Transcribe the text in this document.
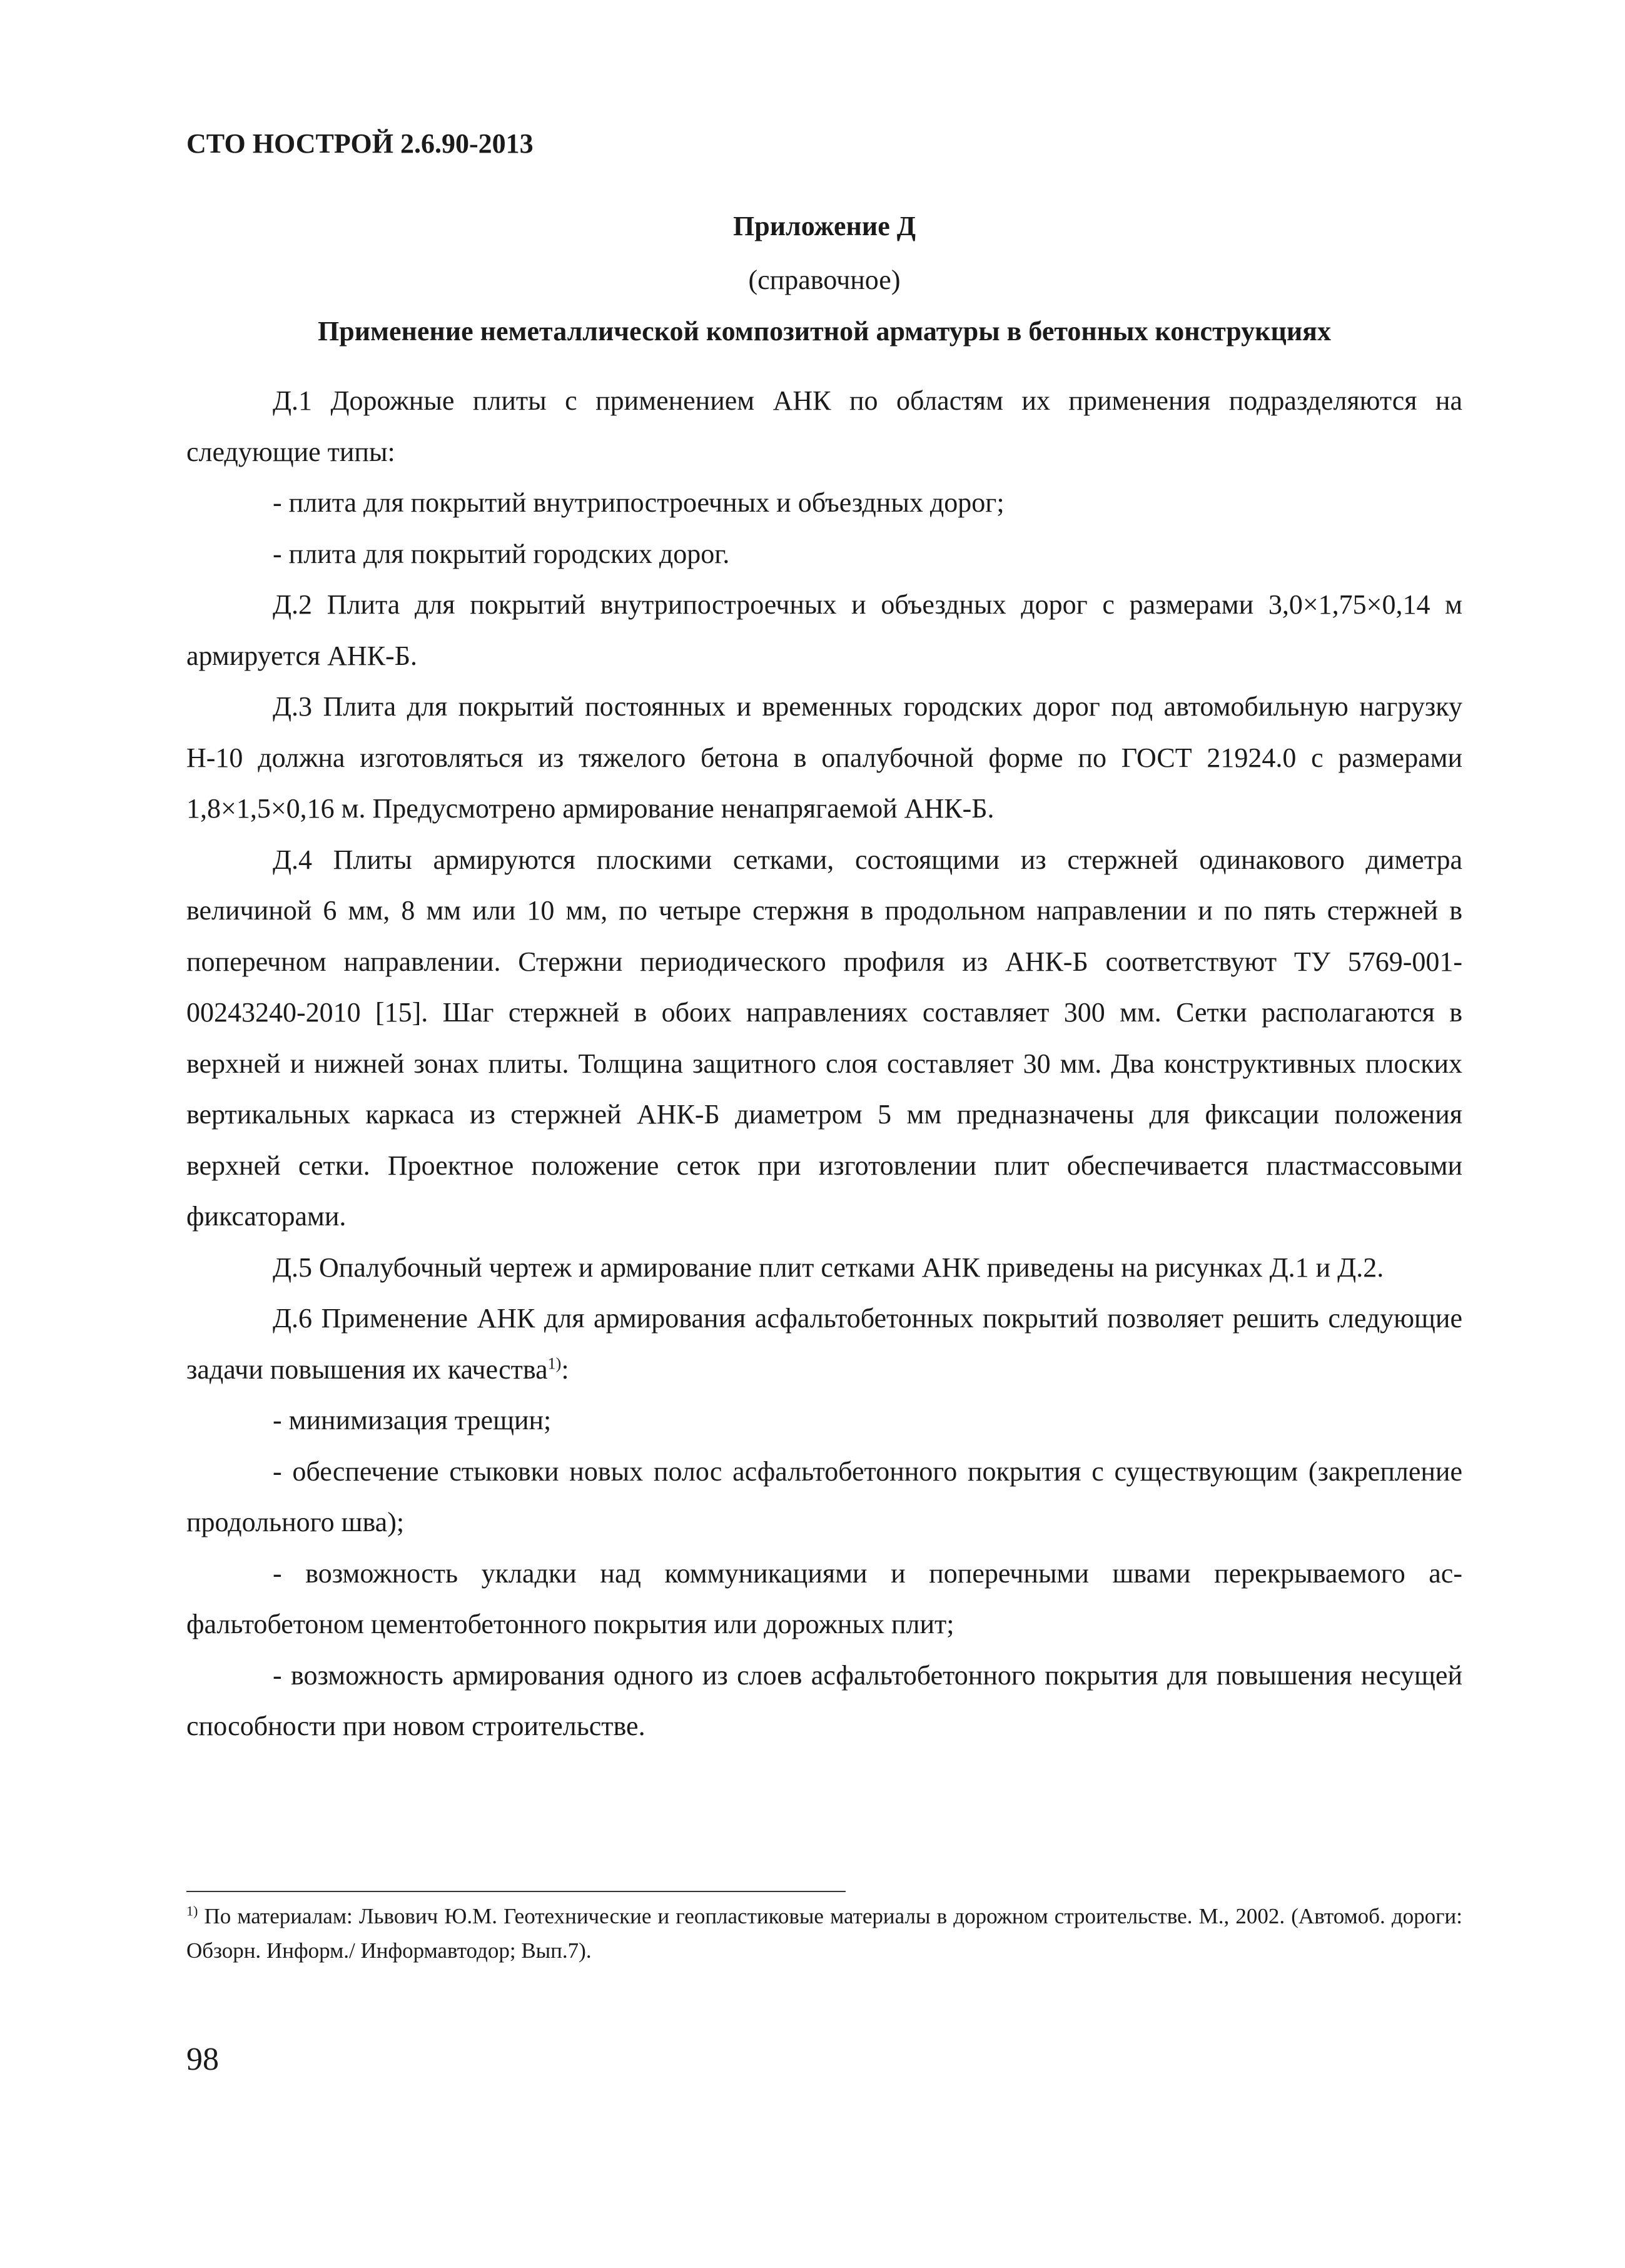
СТО НОСТРОЙ 2.6.90-2013
Приложение Д
(справочное)
Применение неметаллической композитной арматуры в бетонных конструкциях

Д.1 Дорожные плиты с применением АНК по областям их применения подразделяются на следующие типы:

- плита для покрытий внутрипостроечных и объездных дорог;

- плита для покрытий городских дорог.

Д.2 Плита для покрытий внутрипостроечных и объездных дорог с размерами 3,0×1,75×0,14 м армируется АНК-Б.

Д.3 Плита для покрытий постоянных и временных городских дорог под автомобильную нагрузку Н-10 должна изготовляться из тяжелого бетона в опалубочной форме по ГОСТ 21924.0 с размерами 1,8×1,5×0,16 м. Предусмотрено армирование ненапрягаемой АНК-Б.

Д.4 Плиты армируются плоскими сетками, состоящими из стержней одинакового диметра величиной 6 мм, 8 мм или 10 мм, по четыре стержня в продольном направлении и по пять стержней в поперечном направлении. Стержни периодического профиля из АНК-Б соответствуют ТУ 5769-001-00243240-2010 [15]. Шаг стержней в обоих направлениях составляет 300 мм. Сетки располагаются в верхней и нижней зонах плиты. Толщина защитного слоя составляет 30 мм. Два конструктивных плоских вертикальных каркаса из стержней АНК-Б диаметром 5 мм предназначены для фиксации положения верхней сетки. Проектное положение сеток при изготовлении плит обеспечивается пластмассовыми фиксаторами.

Д.5 Опалубочный чертеж и армирование плит сетками АНК приведены на рисунках Д.1 и Д.2.

Д.6 Применение АНК для армирования асфальтобетонных покрытий позволяет решить следующие задачи повышения их качества$^{1)}$:

- минимизация трещин;

- обеспечение стыковки новых полос асфальтобетонного покрытия с существующим (закрепление продольного шва);

- возможность укладки над коммуникациями и поперечными швами перекрываемого асфальтобетоном цементобетонного покрытия или дорожных плит;

- возможность армирования одного из слоев асфальтобетонного покрытия для повышения несущей способности при новом строительстве.

$^{1)}$ По материалам: Львович Ю.М. Геотехнические и геопластиковые материалы в дорожном строительстве. М., 2002. (Автомоб. дороги: Обзорн. Информ./ Информавтодор; Вып.7).

98
